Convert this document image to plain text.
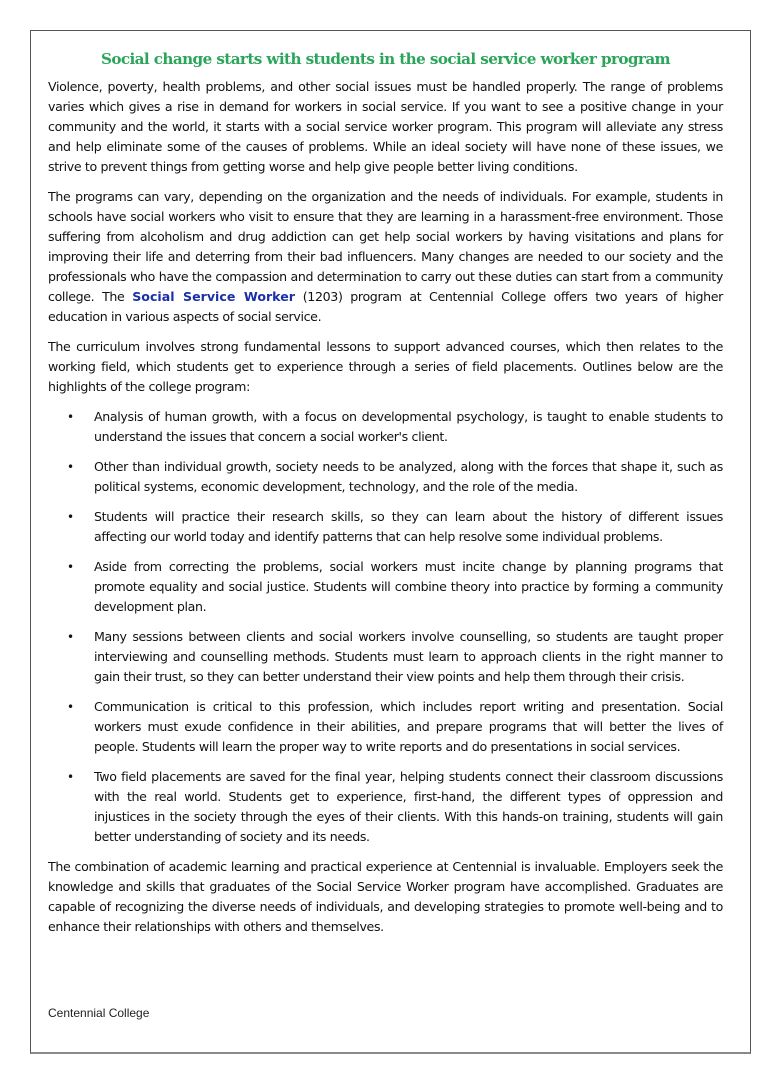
Social change starts with students in the social service worker program

Violence, poverty, health problems, and other social issues must be handled properly. The range of problems varies which gives a rise in demand for workers in social service. If you want to see a positive change in your community and the world, it starts with a social service worker program. This program will alleviate any stress and help eliminate some of the causes of problems. While an ideal society will have none of these issues, we strive to prevent things from getting worse and help give people better living conditions.

The programs can vary, depending on the organization and the needs of individuals. For example, students in schools have social workers who visit to ensure that they are learning in a harassment-free environment. Those suffering from alcoholism and drug addiction can get help social workers by having visitations and plans for improving their life and deterring from their bad influencers. Many changes are needed to our society and the professionals who have the compassion and determination to carry out these duties can start from a community college. The Social Service Worker (1203) program at Centennial College offers two years of higher education in various aspects of social service.

The curriculum involves strong fundamental lessons to support advanced courses, which then relates to the working field, which students get to experience through a series of field placements. Outlines below are the highlights of the college program:

• Analysis of human growth, with a focus on developmental psychology, is taught to enable students to understand the issues that concern a social worker's client.
• Other than individual growth, society needs to be analyzed, along with the forces that shape it, such as political systems, economic development, technology, and the role of the media.
• Students will practice their research skills, so they can learn about the history of different issues affecting our world today and identify patterns that can help resolve some individual problems.
• Aside from correcting the problems, social workers must incite change by planning programs that promote equality and social justice. Students will combine theory into practice by forming a community development plan.
• Many sessions between clients and social workers involve counselling, so students are taught proper interviewing and counselling methods. Students must learn to approach clients in the right manner to gain their trust, so they can better understand their view points and help them through their crisis.
• Communication is critical to this profession, which includes report writing and presentation. Social workers must exude confidence in their abilities, and prepare programs that will better the lives of people. Students will learn the proper way to write reports and do presentations in social services.
• Two field placements are saved for the final year, helping students connect their classroom discussions with the real world. Students get to experience, first-hand, the different types of oppression and injustices in the society through the eyes of their clients. With this hands-on training, students will gain better understanding of society and its needs.

The combination of academic learning and practical experience at Centennial is invaluable. Employers seek the knowledge and skills that graduates of the Social Service Worker program have accomplished. Graduates are capable of recognizing the diverse needs of individuals, and developing strategies to promote well-being and to enhance their relationships with others and themselves.

Centennial College
